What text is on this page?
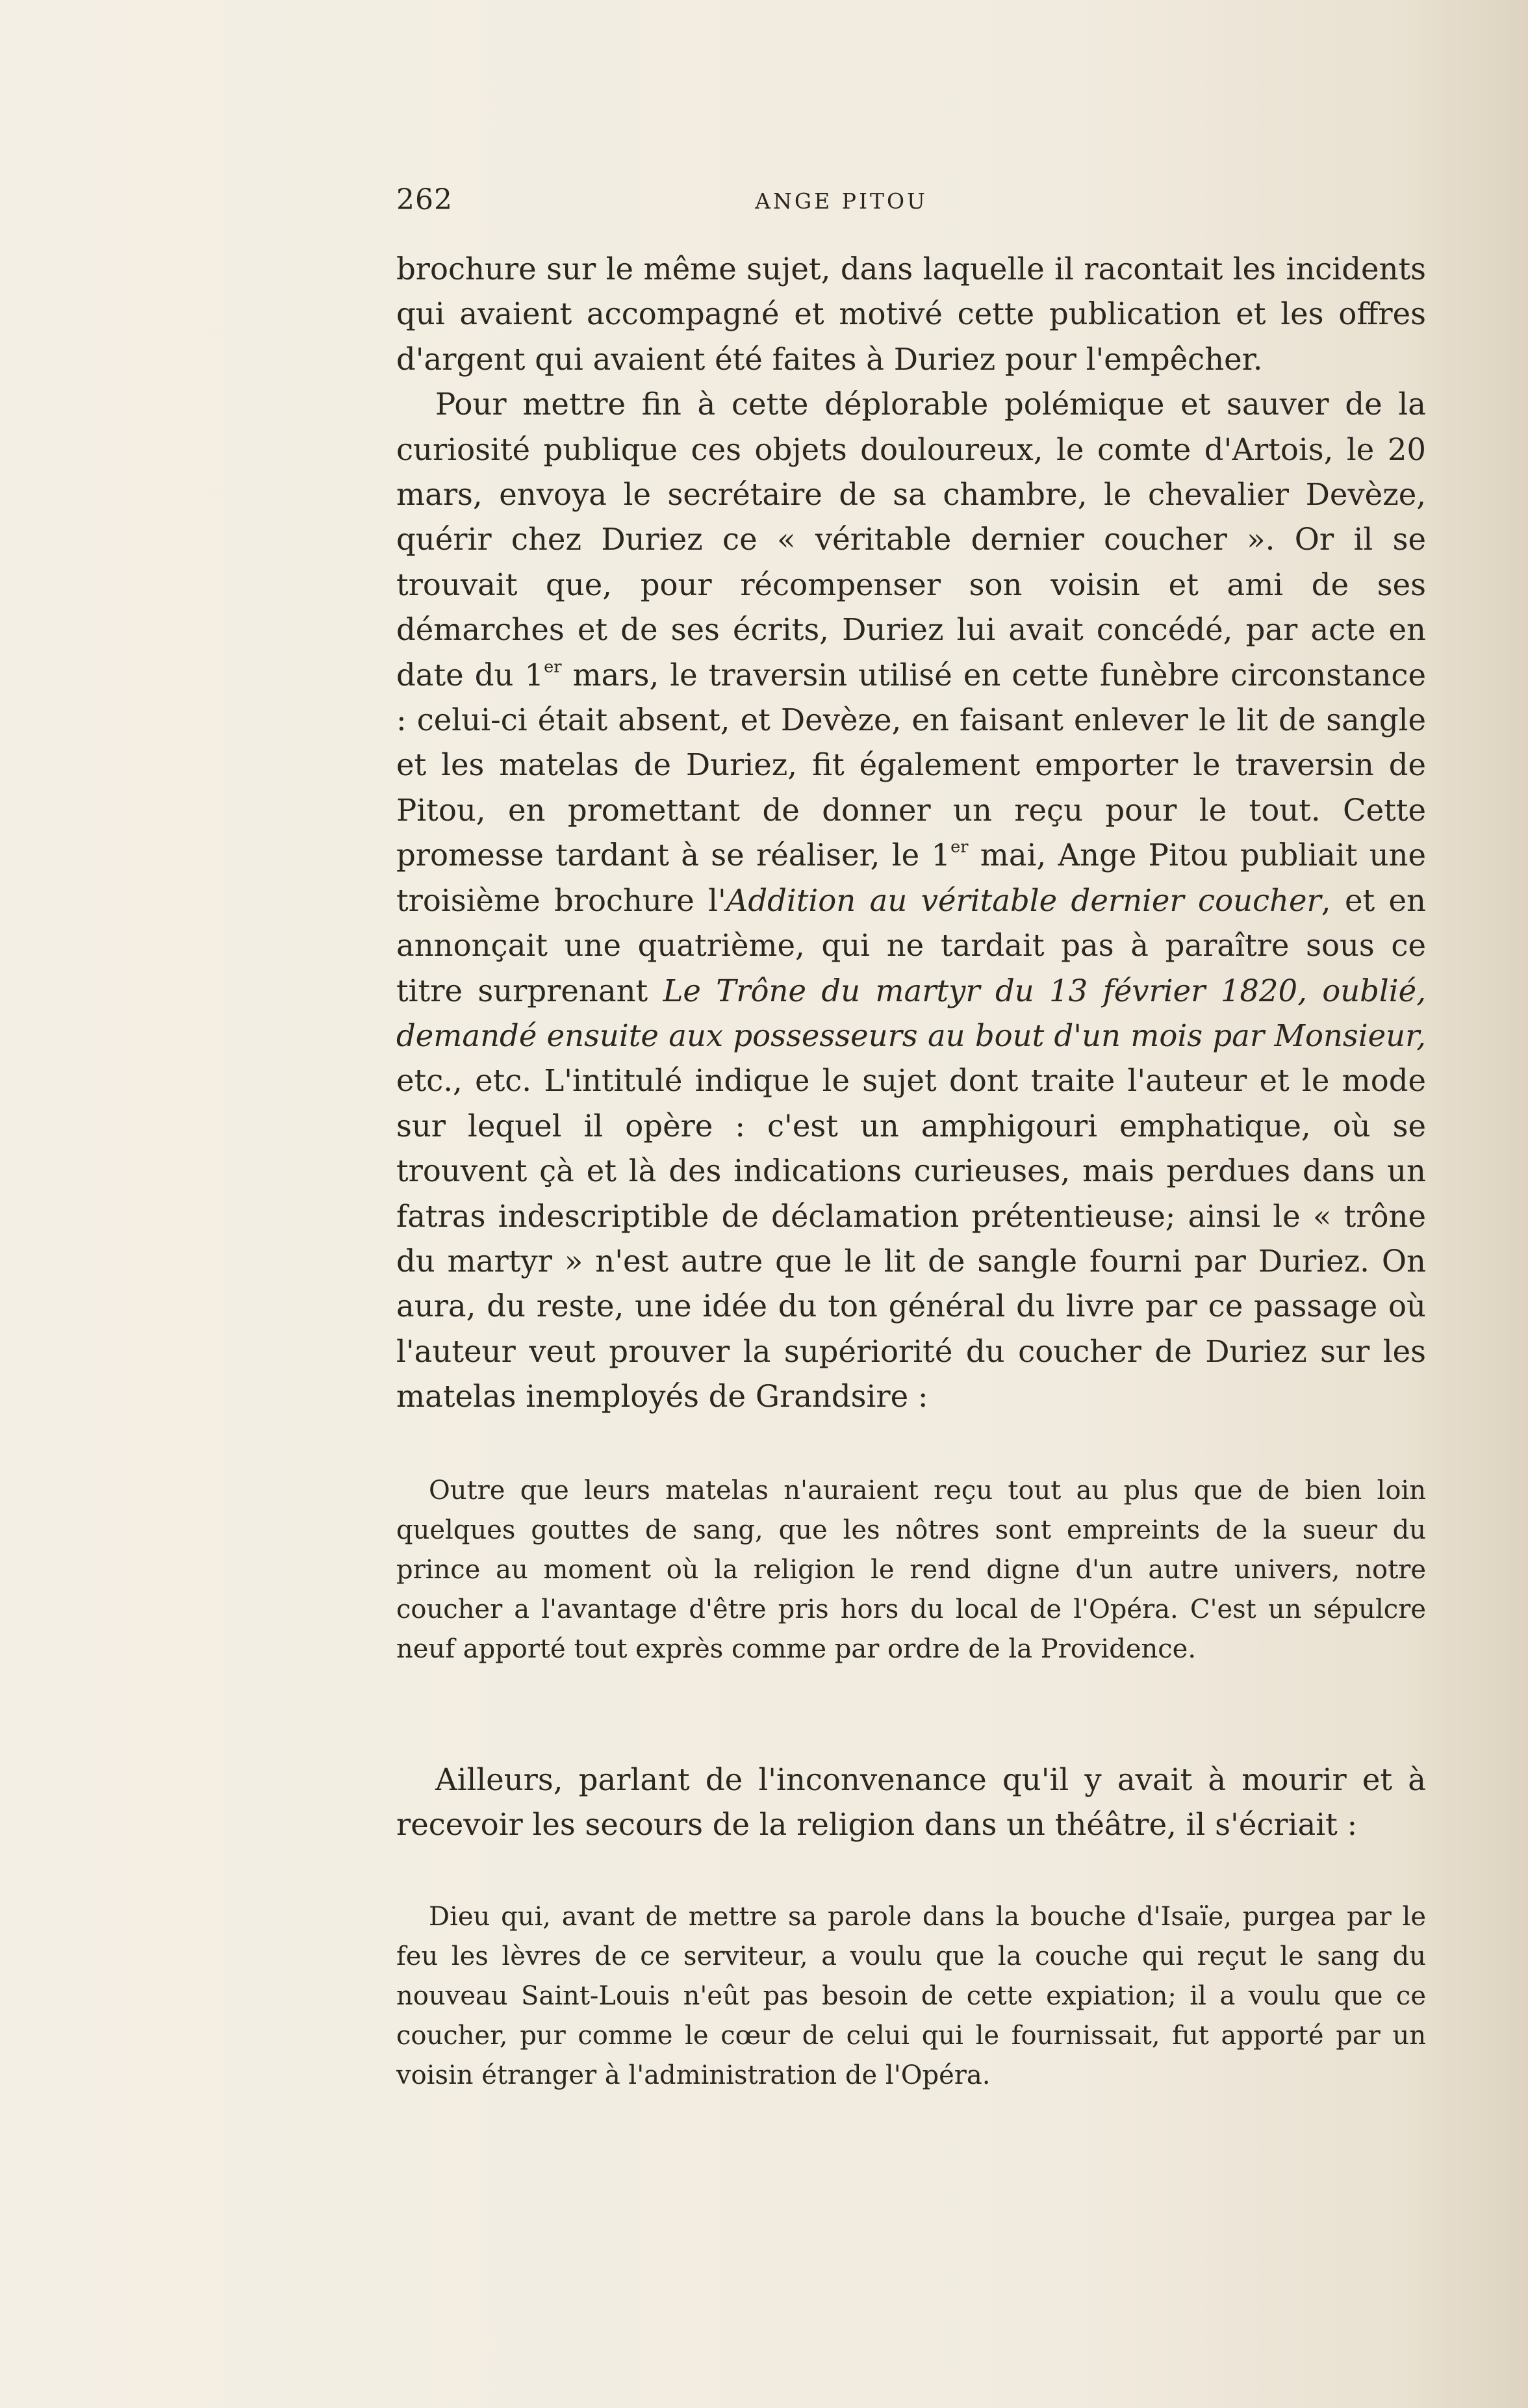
262	ANGE PITOU

brochure sur le même sujet, dans laquelle il racontait les incidents qui avaient accompagné et motivé cette publication et les offres d'argent qui avaient été faites à Duriez pour l'empêcher.

Pour mettre fin à cette déplorable polémique et sauver de la curiosité publique ces objets douloureux, le comte d'Artois, le 20 mars, envoya le secrétaire de sa chambre, le chevalier Devèze, quérir chez Duriez ce « véritable dernier coucher ». Or il se trouvait que, pour récompenser son voisin et ami de ses démarches et de ses écrits, Duriez lui avait concédé, par acte en date du 1er mars, le traversin utilisé en cette funèbre circonstance : celui-ci était absent, et Devèze, en faisant enlever le lit de sangle et les matelas de Duriez, fit également emporter le traversin de Pitou, en promettant de donner un reçu pour le tout. Cette promesse tardant à se réaliser, le 1er mai, Ange Pitou publiait une troisième brochure l'Addition au véritable dernier coucher, et en annonçait une quatrième, qui ne tardait pas à paraître sous ce titre surprenant Le Trône du martyr du 13 février 1820, oublié, demandé ensuite aux possesseurs au bout d'un mois par Monsieur, etc., etc. L'intitulé indique le sujet dont traite l'auteur et le mode sur lequel il opère : c'est un amphigouri emphatique, où se trouvent çà et là des indications curieuses, mais perdues dans un fatras indescriptible de déclamation prétentieuse; ainsi le « trône du martyr » n'est autre que le lit de sangle fourni par Duriez. On aura, du reste, une idée du ton général du livre par ce passage où l'auteur veut prouver la supériorité du coucher de Duriez sur les matelas inemployés de Grandsire :

Outre que leurs matelas n'auraient reçu tout au plus que de bien loin quelques gouttes de sang, que les nôtres sont empreints de la sueur du prince au moment où la religion le rend digne d'un autre univers, notre coucher a l'avantage d'être pris hors du local de l'Opéra. C'est un sépulcre neuf apporté tout exprès comme par ordre de la Providence.

Ailleurs, parlant de l'inconvenance qu'il y avait à mourir et à recevoir les secours de la religion dans un théâtre, il s'écriait :

Dieu qui, avant de mettre sa parole dans la bouche d'Isaïe, purgea par le feu les lèvres de ce serviteur, a voulu que la couche qui reçut le sang du nouveau Saint-Louis n'eût pas besoin de cette expiation; il a voulu que ce coucher, pur comme le cœur de celui qui le fournissait, fut apporté par un voisin étranger à l'administration de l'Opéra.
